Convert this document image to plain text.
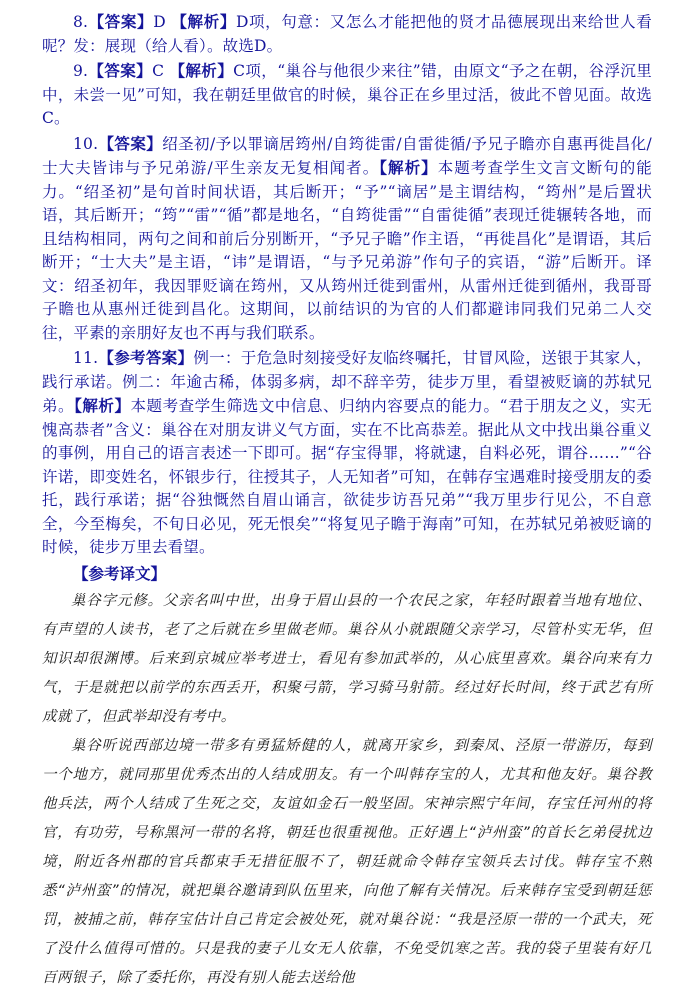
8.【答案】D 【解析】D项，句意：又怎么才能把他的贤才品德展现出来给世人看呢？发：展现（给人看）。故选D。

9.【答案】C 【解析】C项，“巢谷与他很少来往”错，由原文“予之在朝，谷浮沉里中，未尝一见”可知，我在朝廷里做官的时候，巢谷正在乡里过活，彼此不曾见面。故选C。

10.【答案】绍圣初/予以罪谪居筠州/自筠徙雷/自雷徙循/予兄子瞻亦自惠再徙昌化/士大夫皆讳与予兄弟游/平生亲友无复相闻者。【解析】本题考查学生文言文断句的能力。“绍圣初”是句首时间状语，其后断开；“予”“谪居”是主谓结构，“筠州”是后置状语，其后断开；“筠”“雷”“循”都是地名，“自筠徙雷”“自雷徙循”表现迁徙辗转各地，而且结构相同，两句之间和前后分别断开，“予兄子瞻”作主语，“再徙昌化”是谓语，其后断开；“士大夫”是主语，“讳”是谓语，“与予兄弟游”作句子的宾语，“游”后断开。译文：绍圣初年，我因罪贬谪在筠州，又从筠州迁徙到雷州，从雷州迁徙到循州，我哥哥子瞻也从惠州迁徙到昌化。这期间，以前结识的为官的人们都避讳同我们兄弟二人交往，平素的亲朋好友也不再与我们联系。

11.【参考答案】例一：于危急时刻接受好友临终嘱托，甘冒风险，送银于其家人，践行承诺。例二：年逾古稀，体弱多病，却不辞辛劳，徒步万里，看望被贬谪的苏轼兄弟。【解析】本题考查学生筛选文中信息、归纳内容要点的能力。“君于朋友之义，实无愧高恭者”含义：巢谷在对朋友讲义气方面，实在不比高恭差。据此从文中找出巢谷重义的事例，用自己的语言表述一下即可。据“存宝得罪，将就逮，自料必死，谓谷……”“谷许诺，即变姓名，怀银步行，往授其子，人无知者”可知，在韩存宝遇难时接受朋友的委托，践行承诺；据“谷独慨然自眉山诵言，欲徒步访吾兄弟”“我万里步行见公，不自意全，今至梅矣，不旬日必见，死无恨矣”“将复见子瞻于海南”可知，在苏轼兄弟被贬谪的时候，徒步万里去看望。

【参考译文】

巢谷字元修。父亲名叫中世，出身于眉山县的一个农民之家，年轻时跟着当地有地位、有声望的人读书，老了之后就在乡里做老师。巢谷从小就跟随父亲学习，尽管朴实无华，但知识却很渊博。后来到京城应举考进士，看见有参加武举的，从心底里喜欢。巢谷向来有力气，于是就把以前学的东西丢开，积聚弓箭，学习骑马射箭。经过好长时间，终于武艺有所成就了，但武举却没有考中。

巢谷听说西部边境一带多有勇猛矫健的人，就离开家乡，到秦凤、泾原一带游历，每到一个地方，就同那里优秀杰出的人结成朋友。有一个叫韩存宝的人，尤其和他友好。巢谷教他兵法，两个人结成了生死之交，友谊如金石一般坚固。宋神宗熙宁年间，存宝任河州的将官，有功劳，号称黑河一带的名将，朝廷也很重视他。正好遇上“泸州蛮”的首长乞弟侵扰边境，附近各州郡的官兵都束手无措征服不了，朝廷就命令韩存宝领兵去讨伐。韩存宝不熟悉“泸州蛮”的情况，就把巢谷邀请到队伍里来，向他了解有关情况。后来韩存宝受到朝廷惩罚，被捕之前，韩存宝估计自己肯定会被处死，就对巢谷说：“我是泾原一带的一个武夫，死了没什么值得可惜的。只是我的妻子儿女无人依靠，不免受饥寒之苦。我的袋子里装有好几百两银子，除了委托你，再没有别人能去送给他
